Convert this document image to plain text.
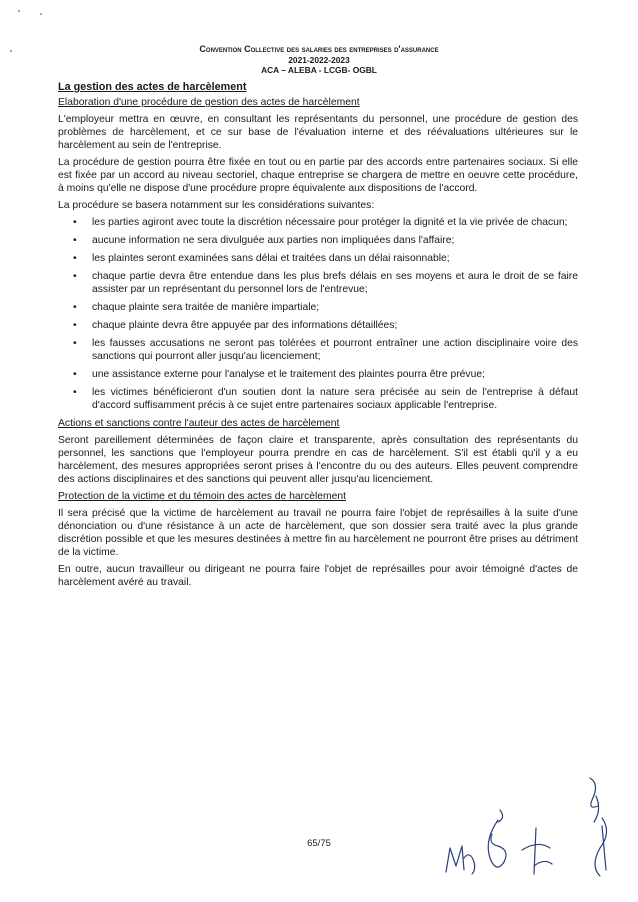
Convention Collective des salaries des entreprises d'assurance
2021-2022-2023
ACA – ALEBA - LCGB- OGBL
La gestion des actes de harcèlement
Elaboration d'une procédure de gestion des actes de harcèlement

L'employeur mettra en œuvre, en consultant les représentants du personnel, une procédure de gestion des problèmes de harcèlement, et ce sur base de l'évaluation interne et des réévaluations ultérieures sur le harcèlement au sein de l'entreprise.

La procédure de gestion pourra être fixée en tout ou en partie par des accords entre partenaires sociaux. Si elle est fixée par un accord au niveau sectoriel, chaque entreprise se chargera de mettre en oeuvre cette procédure, à moins qu'elle ne dispose d'une procédure propre équivalente aux dispositions de l'accord.

La procédure se basera notamment sur les considérations suivantes:

• les parties agiront avec toute la discrétion nécessaire pour protéger la dignité et la vie privée de chacun;
• aucune information ne sera divulguée aux parties non impliquées dans l'affaire;
• les plaintes seront examinées sans délai et traitées dans un délai raisonnable;
• chaque partie devra être entendue dans les plus brefs délais en ses moyens et aura le droit de se faire assister par un représentant du personnel lors de l'entrevue;
• chaque plainte sera traitée de manière impartiale;
• chaque plainte devra être appuyée par des informations détaillées;
• les fausses accusations ne seront pas tolérées et pourront entraîner une action disciplinaire voire des sanctions qui pourront aller jusqu'au licenciement;
• une assistance externe pour l'analyse et le traitement des plaintes pourra être prévue;
• les victimes bénéficieront d'un soutien dont la nature sera précisée au sein de l'entreprise à défaut d'accord suffisamment précis à ce sujet entre partenaires sociaux applicable l'entreprise.
Actions et sanctions contre l'auteur des actes de harcèlement

Seront pareillement déterminées de façon claire et transparente, après consultation des représentants du personnel, les sanctions que l'employeur pourra prendre en cas de harcèlement. S'il est établi qu'il y a eu harcèlement, des mesures appropriées seront prises à l'encontre du ou des auteurs. Elles peuvent comprendre des actions disciplinaires et des sanctions qui peuvent aller jusqu'au licenciement.

Protection de la victime et du témoin des actes de harcèlement

Il sera précisé que la victime de harcèlement au travail ne pourra faire l'objet de représailles à la suite d'une dénonciation ou d'une résistance à un acte de harcèlement, que son dossier sera traité avec la plus grande discrétion possible et que les mesures destinées à mettre fin au harcèlement ne pourront être prises au détriment de la victime.

En outre, aucun travailleur ou dirigeant ne pourra faire l'objet de représailles pour avoir témoigné d'actes de harcèlement avéré au travail.

65/75
